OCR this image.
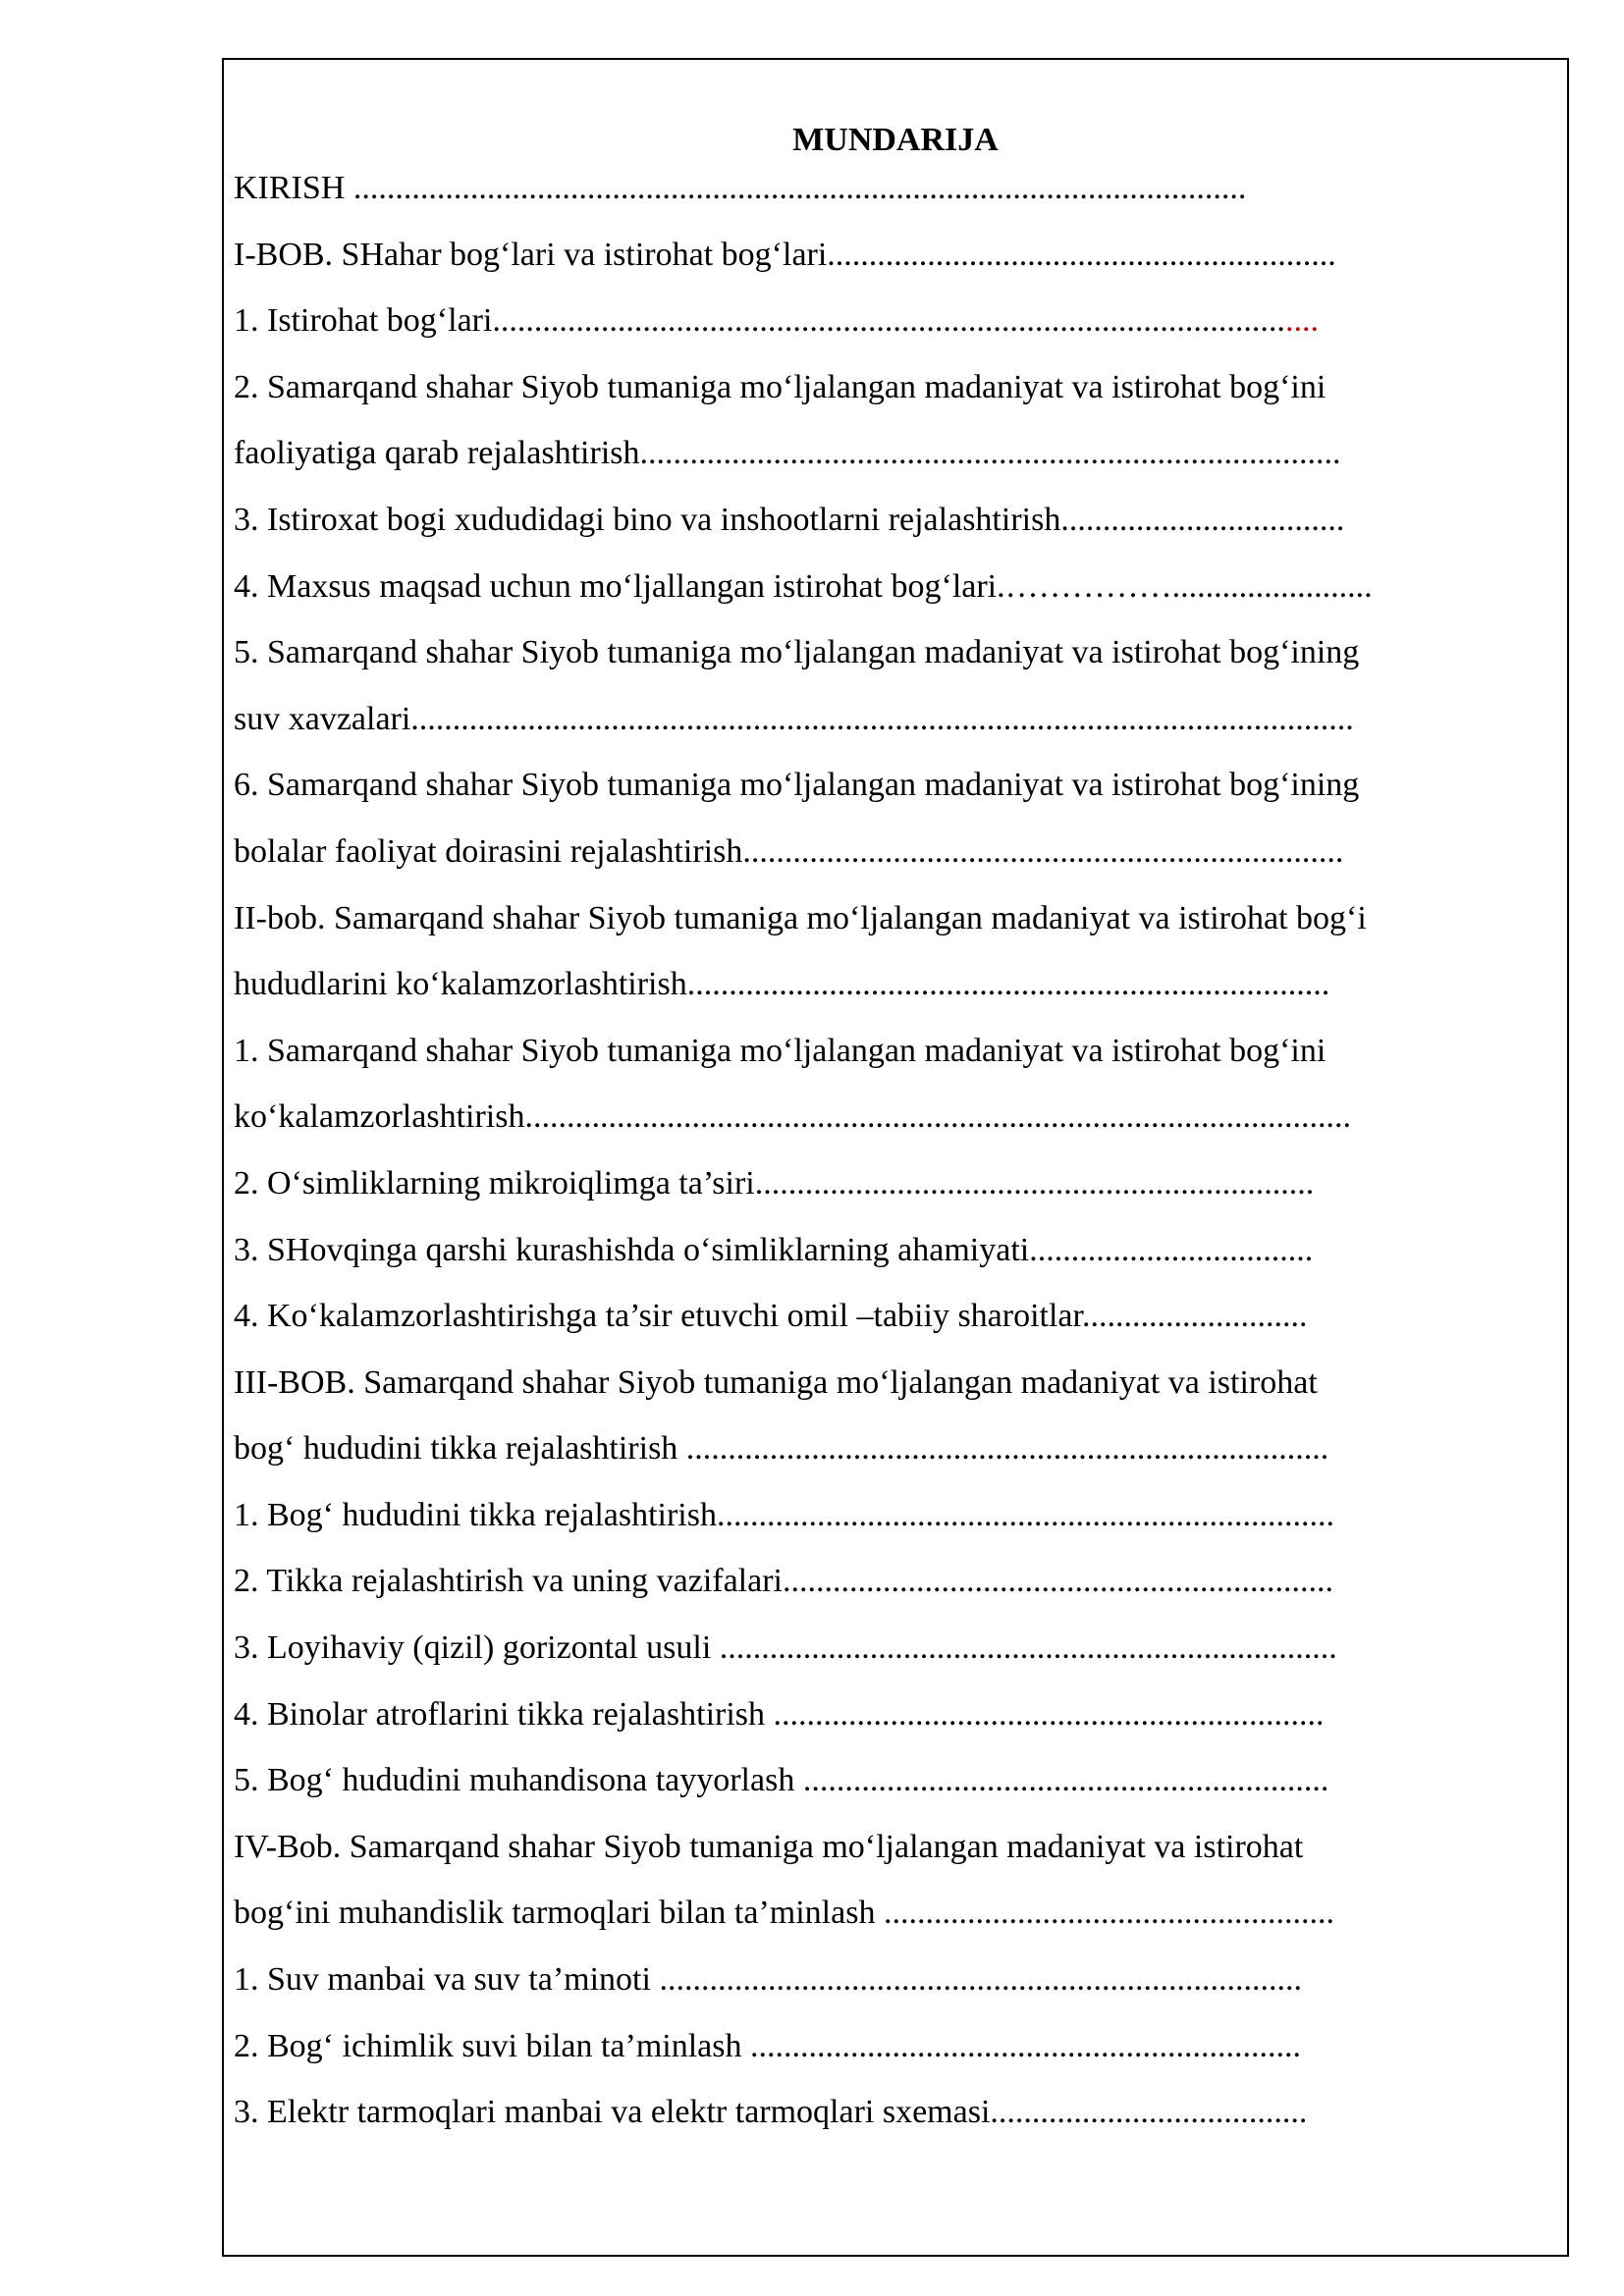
MUNDARIJA
KIRISH ...........................................................................................................
I-BOB. SHahar bog‘lari va istirohat bog‘lari.............................................................
1. Istirohat bog‘lari...................................................................................................
2. Samarqand shahar Siyob tumaniga mo‘ljalangan madaniyat va istirohat bog‘ini
faoliyatiga qarab rejalashtirish....................................................................................
3. Istiroxat bogi xududidagi bino va inshootlarni rejalashtirish..................................
4. Maxsus maqsad uchun mo‘ljallangan istirohat bog‘lari.……………........................
5. Samarqand shahar Siyob tumaniga mo‘ljalangan madaniyat va istirohat bog‘ining
suv xavzalari.................................................................................................................
6. Samarqand shahar Siyob tumaniga mo‘ljalangan madaniyat va istirohat bog‘ining
bolalar faoliyat doirasini rejalashtirish........................................................................
II-bob. Samarqand shahar Siyob tumaniga mo‘ljalangan madaniyat va istirohat bog‘i
hududlarini ko‘kalamzorlashtirish.............................................................................
1. Samarqand shahar Siyob tumaniga mo‘ljalangan madaniyat va istirohat bog‘ini
ko‘kalamzorlashtirish...................................................................................................
2. O‘simliklarning mikroiqlimga ta’siri...................................................................
3. SHovqinga qarshi kurashishda o‘simliklarning ahamiyati..................................
4. Ko‘kalamzorlashtirishga ta’sir etuvchi omil –tabiiy sharoitlar...........................
III-BOB. Samarqand shahar Siyob tumaniga mo‘ljalangan madaniyat va istirohat
bog‘ hududini tikka rejalashtirish .............................................................................
1. Bog‘ hududini tikka rejalashtirish..........................................................................
2. Tikka rejalashtirish va uning vazifalari..................................................................
3. Loyihaviy (qizil) gorizontal usuli ..........................................................................
4. Binolar atroflarini tikka rejalashtirish ..................................................................
5. Bog‘ hududini muhandisona tayyorlash ...............................................................
IV-Bob. Samarqand shahar Siyob tumaniga mo‘ljalangan madaniyat va istirohat
bog‘ini muhandislik tarmoqlari bilan ta’minlash ......................................................
1. Suv manbai va suv ta’minoti .............................................................................
2. Bog‘ ichimlik suvi bilan ta’minlash ..................................................................
3. Elektr tarmoqlari manbai va elektr tarmoqlari sxemasi......................................
